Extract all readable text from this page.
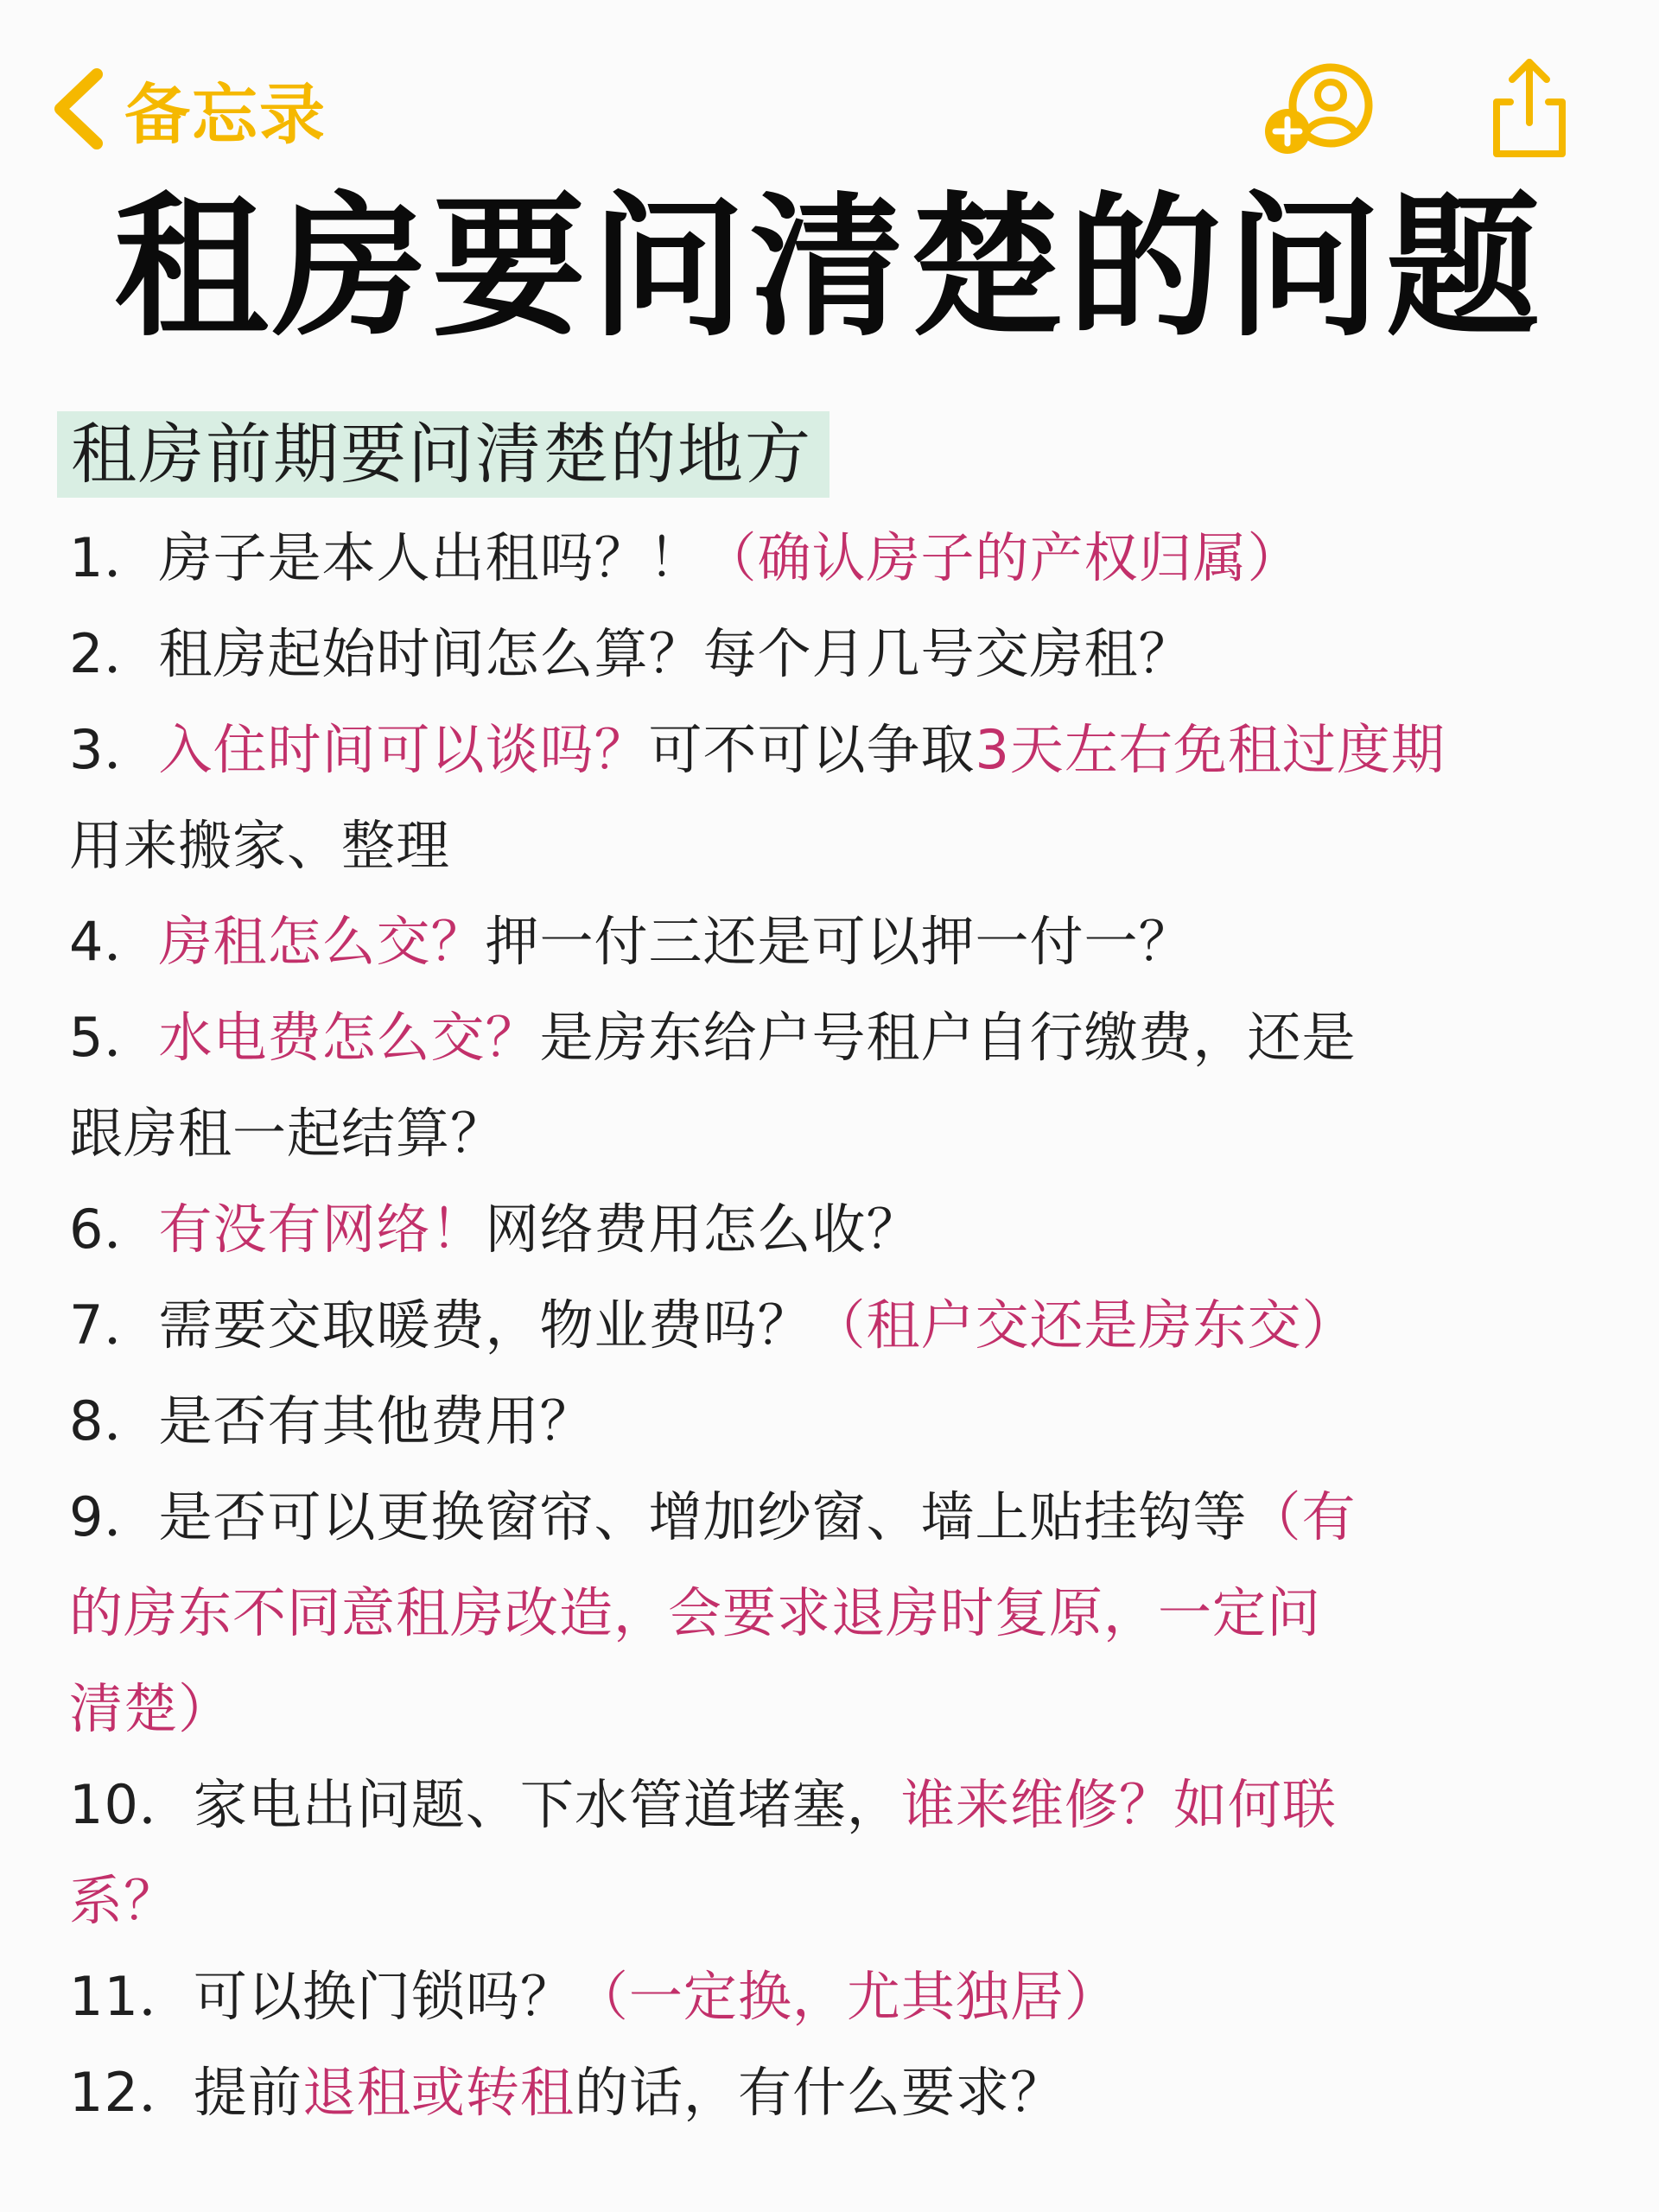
备忘录
租房要问清楚的问题
租房前期要问清楚的地方
1．房子是本人出租吗？！（确认房子的产权归属）
2．租房起始时间怎么算？每个月几号交房租？
3．入住时间可以谈吗？可不可以争取3天左右免租过度期
用来搬家、整理
4．房租怎么交？押一付三还是可以押一付一？
5．水电费怎么交？是房东给户号租户自行缴费，还是
跟房租一起结算？
6．有没有网络！网络费用怎么收？
7．需要交取暖费，物业费吗？（租户交还是房东交）
8．是否有其他费用？
9．是否可以更换窗帘、增加纱窗、墙上贴挂钩等（有
的房东不同意租房改造，会要求退房时复原，一定问
清楚）
10．家电出问题、下水管道堵塞，谁来维修？如何联
系？
11．可以换门锁吗？（一定换，尤其独居）
12．提前退租或转租的话，有什么要求？
